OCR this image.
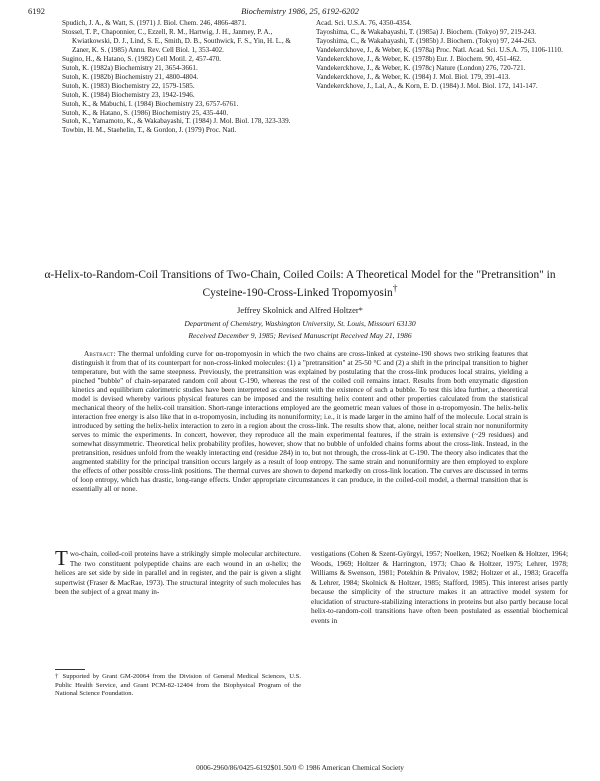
6192	Biochemistry 1986, 25, 6192-6202
Spudich, J. A., & Watt, S. (1971) J. Biol. Chem. 246, 4866-4871.
Stossel, T. P., Chaponnier, C., Ezzell, R. M., Hartwig, J. H., Janmey, P. A., Kwiatkowski, D. J., Lind, S. E., Smith, D. B., Southwick, F. S., Yin, H. L., & Zaner, K. S. (1985) Annu. Rev. Cell Biol. 1, 353-402.
Sugino, H., & Hatano, S. (1982) Cell Motil. 2, 457-470.
Sutoh, K. (1982a) Biochemistry 21, 3654-3661.
Sutoh, K. (1982b) Biochemistry 21, 4800-4804.
Sutoh, K. (1983) Biochemistry 22, 1579-1585.
Sutoh, K. (1984) Biochemistry 23, 1942-1946.
Sutoh, K., & Mabuchi, I. (1984) Biochemistry 23, 6757-6761.
Sutoh, K., & Hatano, S. (1986) Biochemistry 25, 435-440.
Sutoh, K., Yamamoto, K., & Wakabayashi, T. (1984) J. Mol. Biol. 178, 323-339.
Towbin, H. M., Staehelin, T., & Gordon, J. (1979) Proc. Natl.
Acad. Sci. U.S.A. 76, 4350-4354.
Tayoshima, C., & Wakabayashi, T. (1985a) J. Biochem. (Tokyo) 97, 219-243.
Tayoshima, C., & Wakabayashi, T. (1985b) J. Biochem. (Tokyo) 97, 244-263.
Vandekerckhove, J., & Weber, K. (1978a) Proc. Natl. Acad. Sci. U.S.A. 75, 1106-1110.
Vandekerckhove, J., & Weber, K. (1978b) Eur. J. Biochem. 90, 451-462.
Vandekerckhove, J., & Weber, K. (1978c) Nature (London) 276, 720-721.
Vandekerckhove, J., & Weber, K. (1984) J. Mol. Biol. 179, 391-413.
Vandekerckhove, J., Lal, A., & Korn, E. D. (1984) J. Mol. Biol. 172, 141-147.
α-Helix-to-Random-Coil Transitions of Two-Chain, Coiled Coils: A Theoretical Model for the "Pretransition" in Cysteine-190-Cross-Linked Tropomyosin†
Jeffrey Skolnick and Alfred Holtzer*
Department of Chemistry, Washington University, St. Louis, Missouri 63130
Received December 9, 1985; Revised Manuscript Received May 21, 1986
Abstract: The thermal unfolding curve for αα-tropomyosin in which the two chains are cross-linked at cysteine-190 shows two striking features that distinguish it from that of its counterpart for non-cross-linked molecules: (1) a "pretransition" at 25-50 °C and (2) a shift in the principal transition to higher temperature, but with the same steepness. Previously, the pretransition was explained by postulating that the cross-link produces local strains, yielding a pinched "bubble" of chain-separated random coil about C-190, whereas the rest of the coiled coil remains intact. Results from both enzymatic digestion kinetics and equilibrium calorimetric studies have been interpreted as consistent with the existence of such a bubble. To test this idea further, a theoretical model is devised whereby various physical features can be imposed and the resulting helix content and other properties calculated from the statistical mechanical theory of the helix-coil transition. Short-range interactions employed are the geometric mean values of those in α-tropomyosin. The helix-helix interaction free energy is also like that in α-tropomyosin, including its nonuniformity; i.e., it is made larger in the amino half of the molecule. Local strain is introduced by setting the helix-helix interaction to zero in a region about the cross-link. The results show that, alone, neither local strain nor nonuniformity serves to mimic the experiments. In concert, however, they reproduce all the main experimental features, if the strain is extensive (~29 residues) and somewhat dissymmetric. Theoretical helix probability profiles, however, show that no bubble of unfolded chains forms about the cross-link. Instead, in the pretransition, residues unfold from the weakly interacting end (residue 284) in to, but not through, the cross-link at C-190. The theory also indicates that the augmented stability for the principal transition occurs largely as a result of loop entropy. The same strain and nonuniformity are then employed to explore the effects of other possible cross-link positions. The thermal curves are shown to depend markedly on cross-link location. The curves are discussed in terms of loop entropy, which has drastic, long-range effects. Under appropriate circumstances it can produce, in the coiled-coil model, a thermal transition that is essentially all or none.
Two-chain, coiled-coil proteins have a strikingly simple molecular architecture. The two constituent polypeptide chains are each wound in an α-helix; the helices are set side by side in parallel and in register, and the pair is given a slight supertwist (Fraser & MacRae, 1973). The structural integrity of such molecules has been the subject of a great many in-
vestigations (Cohen & Szent-Györgyi, 1957; Noelken, 1962; Noelken & Holtzer, 1964; Woods, 1969; Holtzer & Harrington, 1973; Chao & Holtzer, 1975; Lehrer, 1978; Williams & Swenson, 1981; Potekhin & Privalov, 1982; Holtzer et al., 1983; Graceffa & Lehrer, 1984; Skolnick & Holtzer, 1985; Stafford, 1985). This interest arises partly because the simplicity of the structure makes it an attractive model system for elucidation of structure-stabilizing interactions in proteins but also partly because local helix-to-random-coil transitions have often been postulated as essential biochemical events in
† Supported by Grant GM-20064 from the Division of General Medical Sciences, U.S. Public Health Service, and Grant PCM-82-12404 from the Biophysical Program of the National Science Foundation.
0006-2960/86/0425-6192$01.50/0 © 1986 American Chemical Society
